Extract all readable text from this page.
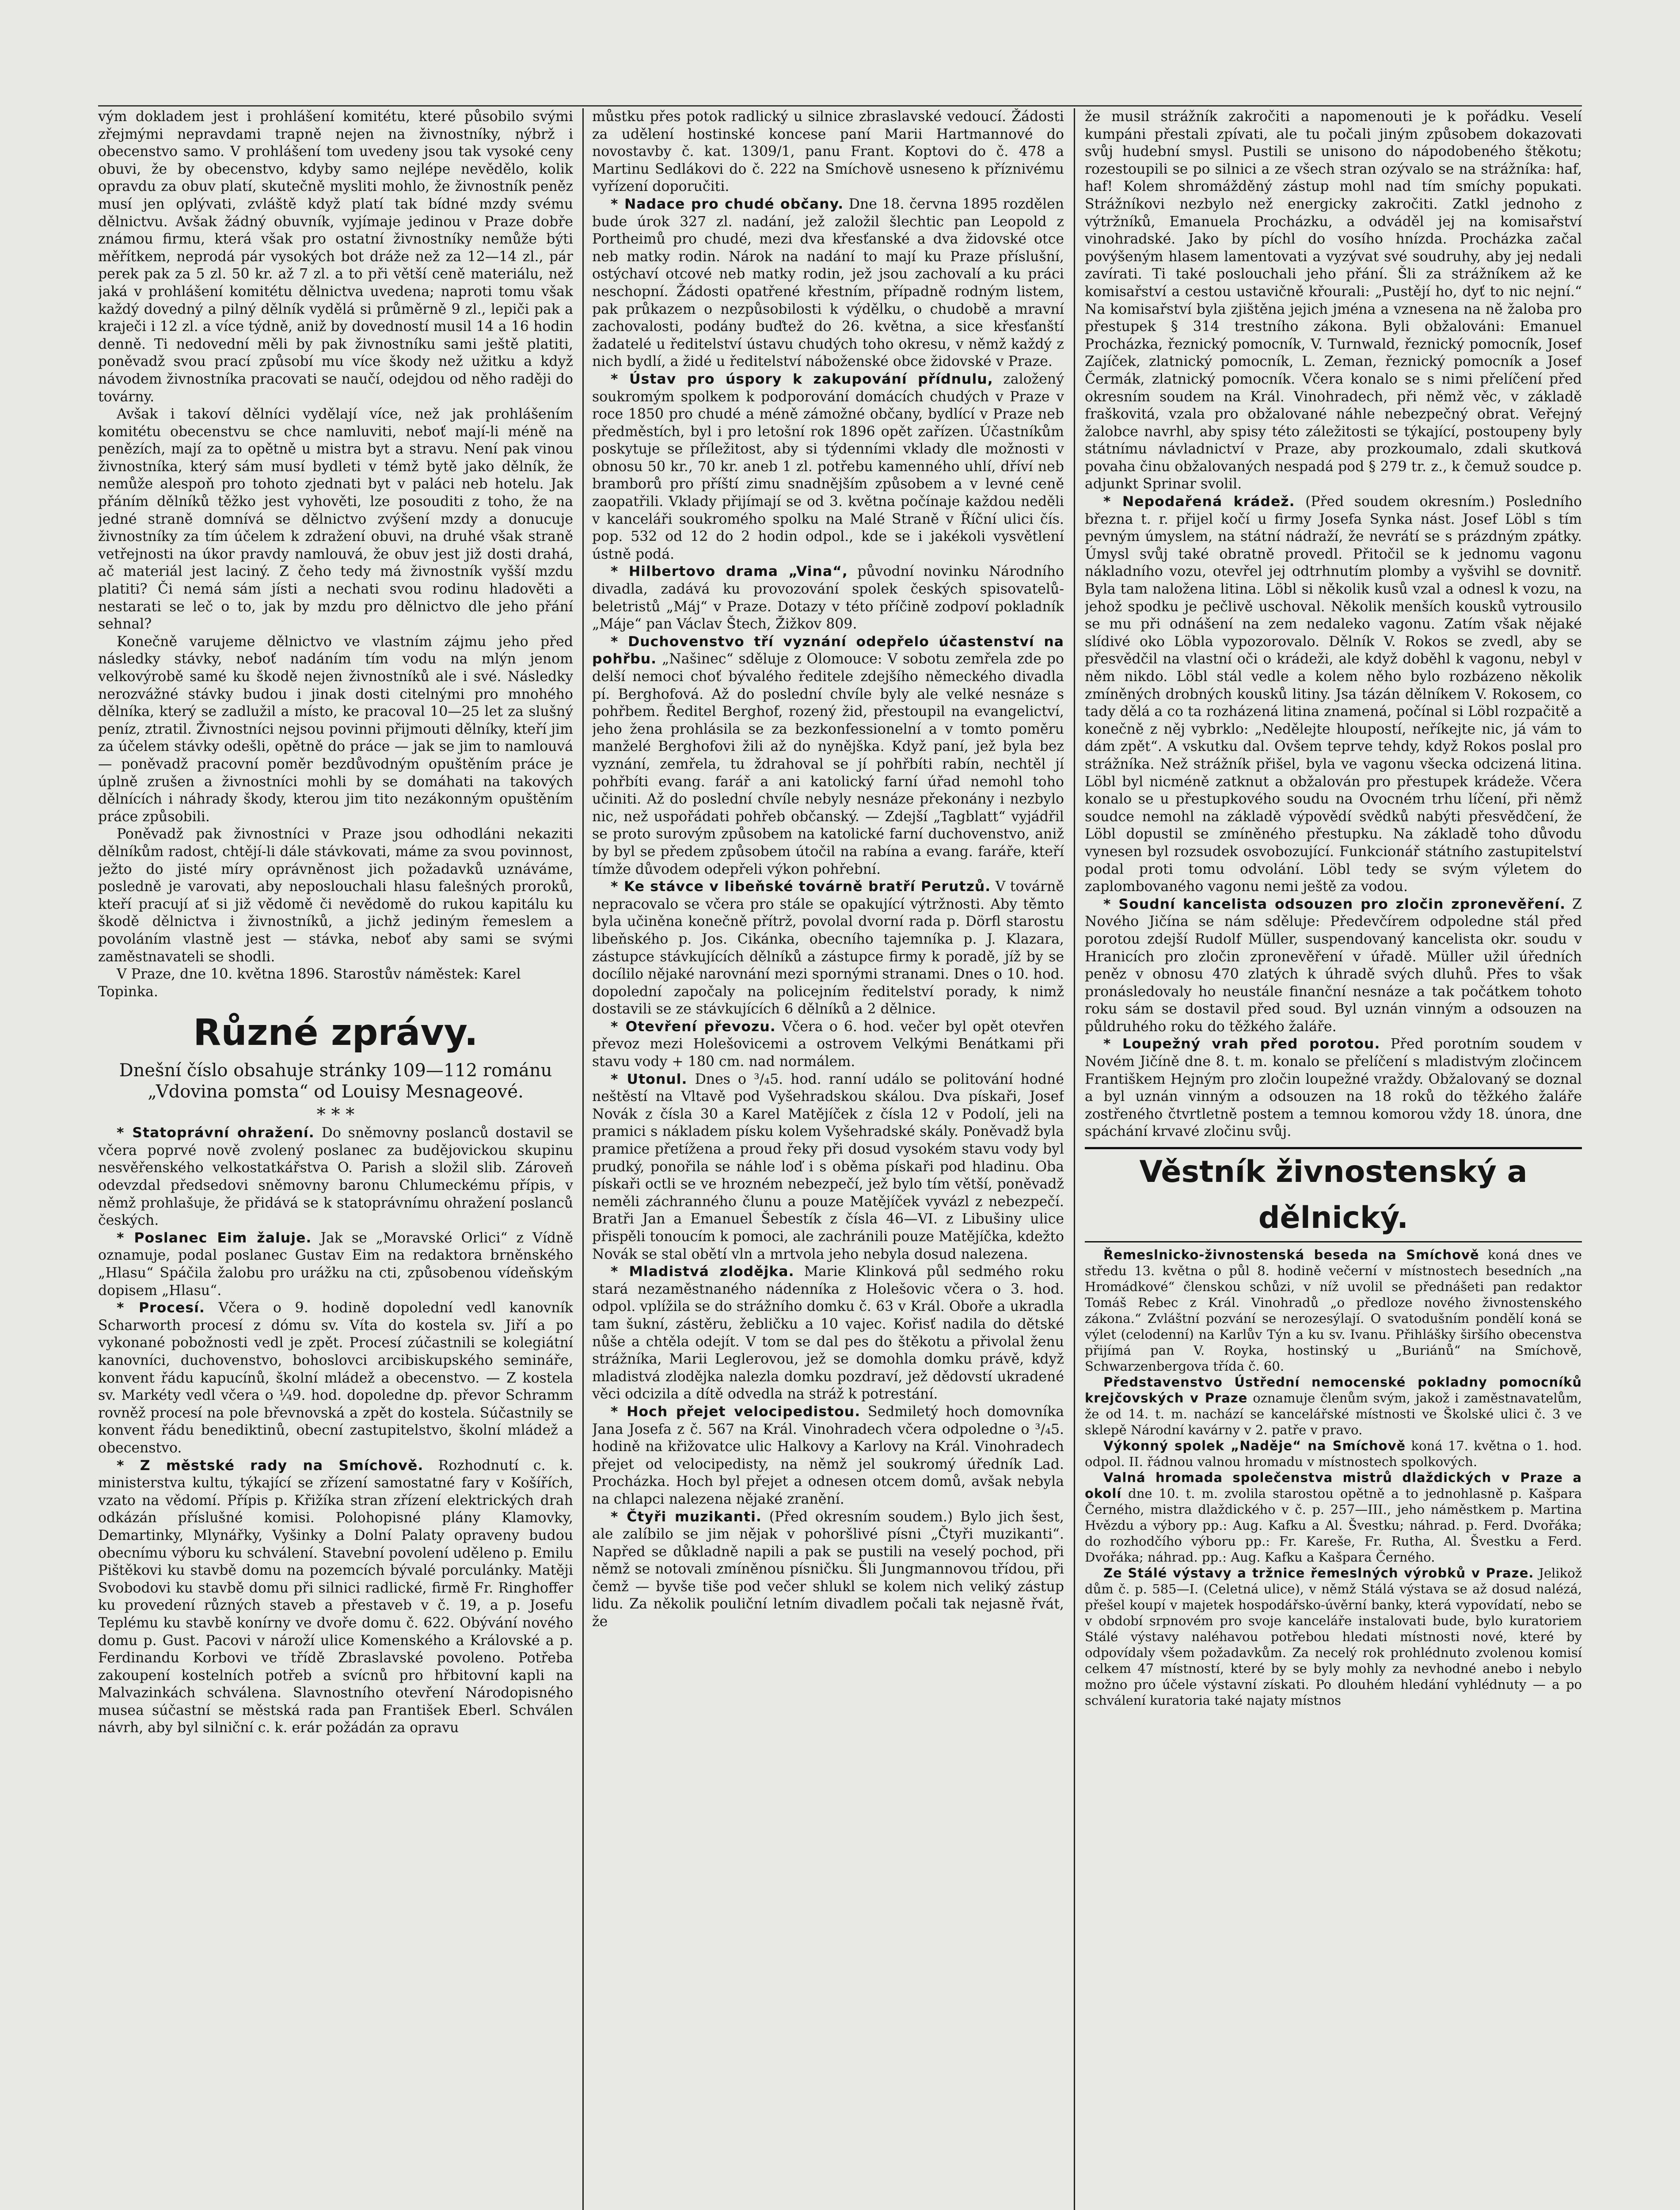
vým dokladem jest i prohlášení komitétu, které působilo svými zřejmými nepravdami trapně nejen na živnostníky, nýbrž i obecenstvo samo. V prohlášení tom uvedeny jsou tak vysoké ceny obuvi, že by obecenstvo, kdyby samo nejlépe nevědělo, kolik opravdu za obuv platí, skutečně mysliti mohlo, že živnostník peněz musí jen oplývati, zvláště když platí tak bídné mzdy svému dělnictvu. Avšak žádný obuvník, vyjímaje jedinou v Praze dobře známou firmu, která však pro ostatní živnostníky nemůže býti měřítkem, neprodá pár vysokých bot dráže než za 12—14 zl., pár perek pak za 5 zl. 50 kr. až 7 zl. a to při větší ceně materiálu, než jaká v prohlášení komitétu dělnictva uvedena; naproti tomu však každý dovedný a pilný dělník vydělá si průměrně 9 zl., lepiči pak a kraječi i 12 zl. a více týdně, aniž by dovedností musil 14 a 16 hodin denně. Ti nedovední měli by pak živnostníku sami ještě platiti, poněvadž svou prací způsobí mu více škody než užitku a když návodem živnostníka pracovati se naučí, odejdou od něho raději do továrny.

Avšak i takoví dělníci vydělají více, než jak prohlášením komitétu obecenstvu se chce namluviti, neboť mají-li méně na penězích, mají za to opětně u mistra byt a stravu. Není pak vinou živnostníka, který sám musí bydleti v témž bytě jako dělník, že nemůže alespoň pro tohoto zjednati byt v paláci neb hotelu. Jak přáním dělníků těžko jest vyhověti, lze posouditi z toho, že na jedné straně domnívá se dělnictvo zvýšení mzdy a donucuje živnostníky za tím účelem k zdražení obuvi, na druhé však straně vetřejnosti na úkor pravdy namlouvá, že obuv jest již dosti drahá, ač materiál jest laciný. Z čeho tedy má živnostník vyšší mzdu platiti? Či nemá sám jísti a nechati svou rodinu hladověti a nestarati se leč o to, jak by mzdu pro dělnictvo dle jeho přání sehnal?

Konečně varujeme dělnictvo ve vlastním zájmu jeho před následky stávky, neboť nadáním tím vodu na mlýn jenom velkovýrobě samé ku škodě nejen živnostníků ale i své. Následky nerozvážné stávky budou i jinak dosti citelnými pro mnohého dělníka, který se zadlužil a místo, ke pracoval 10—25 let za slušný peníz, ztratil. Živnostníci nejsou povinni přijmouti dělníky, kteří jim za účelem stávky odešli, opětně do práce — jak se jim to namlouvá — poněvadž pracovní poměr bezdůvodným opuštěním práce je úplně zrušen a živnostníci mohli by se domáhati na takových dělnících i náhrady škody, kterou jim tito nezákonným opuštěním práce způsobili.

Poněvadž pak živnostníci v Praze jsou odhodláni nekaziti dělníkům radost, chtějí-li dále stávkovati, máme za svou povinnost, ježto do jisté míry oprávněnost jich požadavků uznáváme, posledně je varovati, aby neposlouchali hlasu falešných proroků, kteří pracují ať si již vědomě či nevědomě do rukou kapitálu ku škodě dělnictva i živnostníků, a jichž jediným řemeslem a povoláním vlastně jest — stávka, neboť aby sami se svými zaměstnavateli se shodli.

V Praze, dne 10. května 1896. Starostův náměstek: Karel Topinka.

Různé zprávy.
Dnešní číslo obsahuje stránky 109—112 románu „Vdovina pomsta“ od Louisy Mesnageové.
* * *

* Statoprávní ohražení. Do sněmovny poslanců dostavil se včera poprvé nově zvolený poslanec za budějovickou skupinu nesvěřenského velkostatkářstva O. Parish a složil slib. Zároveň odevzdal předsedovi sněmovny baronu Chlumeckému přípis, v němž prohlašuje, že přidává se k statoprávnímu ohražení poslanců českých.

* Poslanec Eim žaluje. Jak se „Moravské Orlici“ z Vídně oznamuje, podal poslanec Gustav Eim na redaktora brněnského „Hlasu“ Spáčila žalobu pro urážku na cti, způsobenou vídeňským dopisem „Hlasu“.

* Procesí. Včera o 9. hodině dopolední vedl kanovník Scharworth procesí z dómu sv. Víta do kostela sv. Jiří a po vykonané pobožnosti vedl je zpět. Procesí zúčastnili se kolegiátní kanovníci, duchovenstvo, bohoslovci arcibiskupského semináře, konvent řádu kapucínů, školní mládež a obecenstvo. — Z kostela sv. Markéty vedl včera o ¼9. hod. dopoledne dp. převor Schramm rovněž procesí na pole břevnovská a zpět do kostela. Súčastnily se konvent řádu benediktinů, obecní zastupitelstvo, školní mládež a obecenstvo.

* Z městské rady na Smíchově. Rozhodnutí c. k. ministerstva kultu, týkající se zřízení samostatné fary v Košířích, vzato na vědomí. Přípis p. Křižíka stran zřízení elektrických drah odkázán příslušné komisi. Polohopisné plány Klamovky, Demartinky, Mlynářky, Vyšinky a Dolní Palaty opraveny budou obecnímu výboru ku schválení. Stavební povolení uděleno p. Emilu Pištěkovi ku stavbě domu na pozemcích bývalé porculánky. Matěji Svobodovi ku stavbě domu při silnici radlické, firmě Fr. Ringhoffer ku provedení různých staveb a přestaveb v č. 19, a p. Josefu Teplému ku stavbě konírny ve dvoře domu č. 622. Obývání nového domu p. Gust. Pacovi v nároží ulice Komenského a Královské a p. Ferdinandu Korbovi ve třídě Zbraslavské povoleno. Potřeba zakoupení kostelních potřeb a svícnů pro hřbitovní kapli na Malvazinkách schválena. Slavnostního otevření Národopisného musea súčastní se městská rada pan František Eberl. Schválen návrh, aby byl silniční c. k. erár požádán za opravu

můstku přes potok radlický u silnice zbraslavské vedoucí. Žádosti za udělení hostinské koncese paní Marii Hartmannové do novostavby č. kat. 1309/1, panu Frant. Koptovi do č. 478 a Martinu Sedlákovi do č. 222 na Smíchově usneseno k příznivému vyřízení doporučiti.

* Nadace pro chudé občany. Dne 18. června 1895 rozdělen bude úrok 327 zl. nadání, jež založil šlechtic pan Leopold z Portheimů pro chudé, mezi dva křesťanské a dva židovské otce neb matky rodin. Nárok na nadání to mají ku Praze příslušní, ostýchaví otcové neb matky rodin, jež jsou zachovalí a ku práci neschopní. Žádosti opatřené křestním, případně rodným listem, pak průkazem o nezpůsobilosti k výdělku, o chudobě a mravní zachovalosti, podány buďtež do 26. května, a sice křesťanští žadatelé u ředitelství ústavu chudých toho okresu, v němž každý z nich bydlí, a židé u ředitelství náboženské obce židovské v Praze.

* Ústav pro úspory k zakupování přídnulu, založený soukromým spolkem k podporování domácích chudých v Praze v roce 1850 pro chudé a méně zámožné občany, bydlící v Praze neb předměstích, byl i pro letošní rok 1896 opět zařízen. Účastníkům poskytuje se příležitost, aby si týdenními vklady dle možnosti v obnosu 50 kr., 70 kr. aneb 1 zl. potřebu kamenného uhlí, dříví neb bramborů pro příští zimu snadnějším způsobem a v levné ceně zaopatřili. Vklady přijímají se od 3. května počínaje každou neděli v kanceláři soukromého spolku na Malé Straně v Říční ulici čís. pop. 532 od 12 do 2 hodin odpol., kde se i jakékoli vysvětlení ústně podá.

* Hilbertovo drama „Vina“, původní novinku Národního divadla, zadává ku provozování spolek českých spisovatelů-beletristů „Máj“ v Praze. Dotazy v této příčině zodpoví pokladník „Máje“ pan Václav Štech, Žižkov 809.

* Duchovenstvo tří vyznání odepřelo účastenství na pohřbu. „Našinec“ sděluje z Olomouce: V sobotu zemřela zde po delší nemoci choť bývalého ředitele zdejšího německého divadla pí. Berghofová. Až do poslední chvíle byly ale velké nesnáze s pohřbem. Ředitel Berghof, rozený žid, přestoupil na evangelictví, jeho žena prohlásila se za bezkonfessionelní a v tomto poměru manželé Berghofovi žili až do nynějška. Když paní, jež byla bez vyznání, zemřela, tu ždrahoval se jí pohřbíti rabín, nechtěl jí pohřbíti evang. farář a ani katolický farní úřad nemohl toho učiniti. Až do poslední chvíle nebyly nesnáze překonány i nezbylo nic, než uspořádati pohřeb občanský. — Zdejší „Tagblatt“ vyjádřil se proto surovým způsobem na katolické farní duchovenstvo, aniž by byl se předem způsobem útočil na rabína a evang. faráře, kteří tímže důvodem odepřeli výkon pohřební.

* Ke stávce v libeňské továrně bratří Perutzů. V továrně nepracovalo se včera pro stále se opakující výtržnosti. Aby těmto byla učiněna konečně přítrž, povolal dvorní rada p. Dörfl starostu libeňského p. Jos. Cikánka, obecního tajemníka p. J. Klazara, zástupce stávkujících dělníků a zástupce firmy k poradě, jíž by se docílilo nějaké narovnání mezi spornými stranami. Dnes o 10. hod. dopolední započaly na policejním ředitelství porady, k nimž dostavili se ze stávkujících 6 dělníků a 2 dělnice.

* Otevření převozu. Včera o 6. hod. večer byl opět otevřen převoz mezi Holešovicemi a ostrovem Velkými Benátkami při stavu vody + 180 cm. nad normálem.

* Utonul. Dnes o ³/₄5. hod. ranní událo se politování hodné neštěstí na Vltavě pod Vyšehradskou skálou. Dva pískaři, Josef Novák z čísla 30 a Karel Matějíček z čísla 12 v Podolí, jeli na pramici s nákladem písku kolem Vyšehradské skály. Poněvadž byla pramice přetížena a proud řeky při dosud vysokém stavu vody byl prudký, ponořila se náhle loď i s oběma pískaři pod hladinu. Oba pískaři octli se ve hrozném nebezpečí, jež bylo tím větší, poněvadž neměli záchranného člunu a pouze Matějíček vyvázl z nebezpečí. Bratři Jan a Emanuel Šebestík z čísla 46—VI. z Libušiny ulice přispěli tonoucím k pomoci, ale zachránili pouze Matějíčka, kdežto Novák se stal obětí vln a mrtvola jeho nebyla dosud nalezena.

* Mladistvá zlodějka. Marie Klinková půl sedmého roku stará nezaměstnaného nádenníka z Holešovic včera o 3. hod. odpol. vplížila se do strážního domku č. 63 v Král. Oboře a ukradla tam šukní, zástěru, žebličku a 10 vajec. Kořisť nadila do dětské nůše a chtěla odejít. V tom se dal pes do štěkotu a přivolal ženu strážníka, Marii Leglerovou, jež se domohla domku právě, když mladistvá zlodějka nalezla domku pozdraví, jež dědovstí ukradené věci odcizila a dítě odvedla na stráž k potrestání.

* Hoch přejet velocipedistou. Sedmiletý hoch domovníka Jana Josefa z č. 567 na Král. Vinohradech včera odpoledne o ³/₄5. hodině na křižovatce ulic Halkovy a Karlovy na Král. Vinohradech přejet od velocipedisty, na němž jel soukromý úředník Lad. Procházka. Hoch byl přejet a odnesen otcem domů, avšak nebyla na chlapci nalezena nějaké zranění.

* Čtyři muzikanti. (Před okresním soudem.) Bylo jich šest, ale zalíbilo se jim nějak v pohoršlivé písni „Čtyři muzikanti“. Napřed se důkladně napili a pak se pustili na veselý pochod, při němž se notovali zmíněnou písničku. Šli Jungmannovou třídou, při čemž — byvše tiše pod večer shlukl se kolem nich veliký zástup lidu. Za několik pouliční letním divadlem počali tak nejasně řvát, že

že musil strážník zakročiti a napomenouti je k pořádku. Veselí kumpáni přestali zpívati, ale tu počali jiným způsobem dokazovati svůj hudební smysl. Pustili se unisono do nápodobeného štěkotu; rozestoupili se po silnici a ze všech stran ozývalo se na strážníka: haf, haf! Kolem shromážděný zástup mohl nad tím smíchy popukati. Strážníkovi nezbylo než energicky zakročiti. Zatkl jednoho z výtržníků, Emanuela Procházku, a odváděl jej na komisařství vinohradské. Jako by píchl do vosího hnízda. Procházka začal povýšeným hlasem lamentovati a vyzývat své soudruhy, aby jej nedali zavírati. Ti také poslouchali jeho přání. Šli za strážníkem až ke komisařství a cestou ustavičně křourali: „Pustějí ho, dyť to nic nejní.“ Na komisařství byla zjištěna jejich jména a vznesena na ně žaloba pro přestupek § 314 trestního zákona. Byli obžalováni: Emanuel Procházka, řeznický pomocník, V. Turnwald, řeznický pomocník, Josef Zajíček, zlatnický pomocník, L. Zeman, řeznický pomocník a Josef Čermák, zlatnický pomocník. Včera konalo se s nimi přelíčení před okresním soudem na Král. Vinohradech, při němž věc, v základě fraškovitá, vzala pro obžalované náhle nebezpečný obrat. Veřejný žalobce navrhl, aby spisy této záležitosti se týkající, postoupeny byly státnímu návladnictví v Praze, aby prozkoumalo, zdali skutková povaha činu obžalovaných nespadá pod § 279 tr. z., k čemuž soudce p. adjunkt Sprinar svolil.

* Nepodařená krádež. (Před soudem okresním.) Posledního března t. r. přijel kočí u firmy Josefa Synka nást. Josef Löbl s tím pevným úmyslem, na státní nádraží, že nevrátí se s prázdným zpátky. Úmysl svůj také obratně provedl. Přitočil se k jednomu vagonu nákladního vozu, otevřel jej odtrhnutím plomby a vyšvihl se dovnitř. Byla tam naložena litina. Löbl si několik kusů vzal a odnesl k vozu, na jehož spodku je pečlivě uschoval. Několik menších kousků vytrousilo se mu při odnášení na zem nedaleko vagonu. Zatím však nějaké slídivé oko Löbla vypozorovalo. Dělník V. Rokos se zvedl, aby se přesvědčil na vlastní oči o krádeži, ale když doběhl k vagonu, nebyl v něm nikdo. Löbl stál vedle a kolem něho bylo rozbázeno několik zmíněných drobných kousků litiny. Jsa tázán dělníkem V. Rokosem, co tady dělá a co ta rozházená litina znamená, počínal si Löbl rozpačitě a konečně z něj vybrklo: „Nedělejte hloupostí, neříkejte nic, já vám to dám zpět“. A vskutku dal. Ovšem teprve tehdy, když Rokos poslal pro strážníka. Než strážník přišel, byla ve vagonu všecka odcizená litina. Löbl byl nicméně zatknut a obžalován pro přestupek krádeže. Včera konalo se u přestupkového soudu na Ovocném trhu líčení, při němž soudce nemohl na základě výpovědí svědků nabýti přesvědčení, že Löbl dopustil se zmíněného přestupku. Na základě toho důvodu vynesen byl rozsudek osvobozující. Funkcionář státního zastupitelství podal proti tomu odvolání. Löbl tedy se svým výletem do zaplombovaného vagonu nemi ještě za vodou.

* Soudní kancelista odsouzen pro zločin zpronevěření. Z Nového Jičína se nám sděluje: Předevčírem odpoledne stál před porotou zdejší Rudolf Müller, suspendovaný kancelista okr. soudu v Hranicích pro zločin zpronevěření v úřadě. Müller užil úředních peněz v obnosu 470 zlatých k úhradě svých dluhů. Přes to však pronásledovaly ho neustále finanční nesnáze a tak počátkem tohoto roku sám se dostavil před soud. Byl uznán vinným a odsouzen na půldruhého roku do těžkého žaláře.

* Loupežný vrah před porotou. Před porotním soudem v Novém Jičíně dne 8. t. m. konalo se přelíčení s mladistvým zločincem Františkem Hejným pro zločin loupežné vraždy. Obžalovaný se doznal a byl uznán vinným a odsouzen na 18 roků do těžkého žaláře zostřeného čtvrtletně postem a temnou komorou vždy 18. února, dne spáchání krvavé zločinu svůj.

Věstník živnostenský a dělnický.

Řemeslnicko-živnostenská beseda na Smíchově koná dnes ve středu 13. května o půl 8. hodině večerní v místnostech besedních „na Hromádkové“ členskou schůzi, v níž uvolil se přednášeti pan redaktor Tomáš Rebec z Král. Vinohradů „o předloze nového živnostenského zákona.“ Zvláštní pozvání se nerozesýlají. O svatodušním pondělí koná se výlet (celodenní) na Karlův Týn a ku sv. Ivanu. Přihlášky širšího obecenstva přijímá pan V. Royka, hostinský u „Buriánů“ na Smíchově, Schwarzenbergova třída č. 60.

Představenstvo Ústřední nemocenské pokladny pomocníků krejčovských v Praze oznamuje členům svým, jakož i zaměstnavatelům, že od 14. t. m. nachází se kancelářské místnosti ve Školské ulici č. 3 ve sklepě Národní kavárny v 2. patře v pravo.

Výkonný spolek „Naděje“ na Smíchově koná 17. května o 1. hod. odpol. II. řádnou valnou hromadu v místnostech spolkových.

Valná hromada společenstva mistrů dlaždických v Praze a okolí dne 10. t. m. zvolila starostou opětně a to jednohlasně p. Kašpara Černého, mistra dlaždického v č. p. 257—III., jeho náměstkem p. Martina Hvězdu a výbory pp.: Aug. Kafku a Al. Švestku; náhrad. p. Ferd. Dvořáka; do rozhodčího výboru pp.: Fr. Kareše, Fr. Rutha, Al. Švestku a Ferd. Dvořáka; náhrad. pp.: Aug. Kafku a Kašpara Černého.

Ze Stálé výstavy a tržnice řemeslných výrobků v Praze. Jelikož dům č. p. 585—I. (Celetná ulice), v němž Stálá výstava se až dosud nalézá, přešel koupí v majetek hospodářsko-úvěrní banky, která vypovídatí, nebo se v období srpnovém pro svoje kanceláře instalovati bude, bylo kuratoriem Stálé výstavy naléhavou potřebou hledati místnosti nové, které by odpovídaly všem požadavkům. Za necelý rok prohlédnuto zvolenou komisí celkem 47 místností, které by se byly mohly za nevhodné anebo i nebylo možno pro účele výstavní získati. Po dlouhém hledání vyhlédnuty — a po schválení kuratoria také najaty místnos
